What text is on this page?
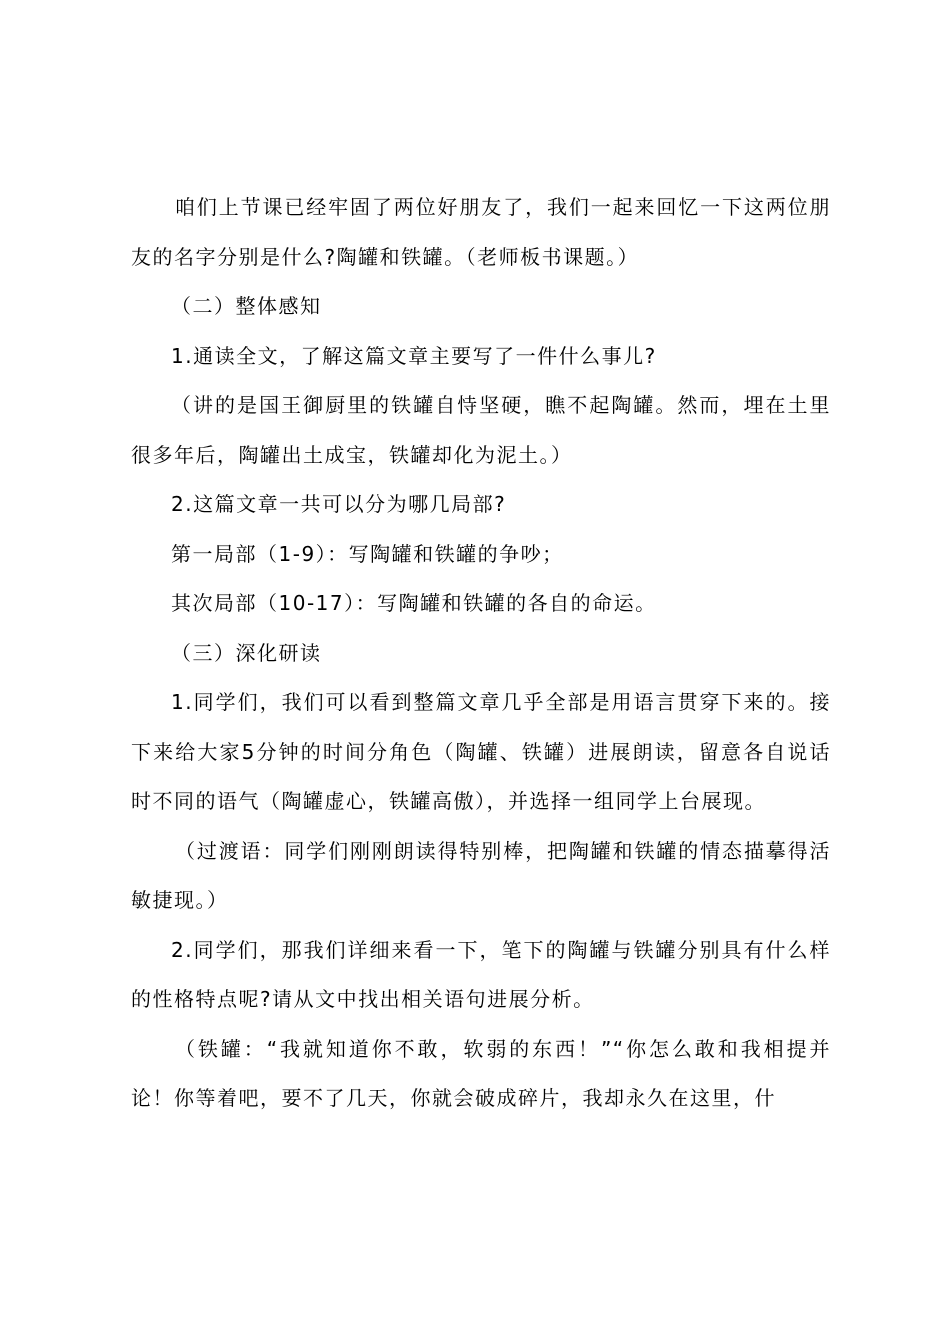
咱们上节课已经牢固了两位好朋友了，我们一起来回忆一下这两位朋友的名字分别是什么?陶罐和铁罐。（老师板书课题。）

（二）整体感知

1.通读全文，了解这篇文章主要写了一件什么事儿?

（讲的是国王御厨里的铁罐自恃坚硬，瞧不起陶罐。然而，埋在土里很多年后，陶罐出土成宝，铁罐却化为泥土。）

2.这篇文章一共可以分为哪几局部?

第一局部（1-9）：写陶罐和铁罐的争吵；

其次局部（10-17）：写陶罐和铁罐的各自的命运。

（三）深化研读

1.同学们，我们可以看到整篇文章几乎全部是用语言贯穿下来的。接下来给大家5分钟的时间分角色（陶罐、铁罐）进展朗读，留意各自说话时不同的语气（陶罐虚心，铁罐高傲），并选择一组同学上台展现。

（过渡语：同学们刚刚朗读得特别棒，把陶罐和铁罐的情态描摹得活敏捷现。）

2.同学们，那我们详细来看一下，笔下的陶罐与铁罐分别具有什么样的性格特点呢?请从文中找出相关语句进展分析。

（铁罐：“我就知道你不敢，软弱的东西！”“你怎么敢和我相提并论！你等着吧，要不了几天，你就会破成碎片，我却永久在这里，什
